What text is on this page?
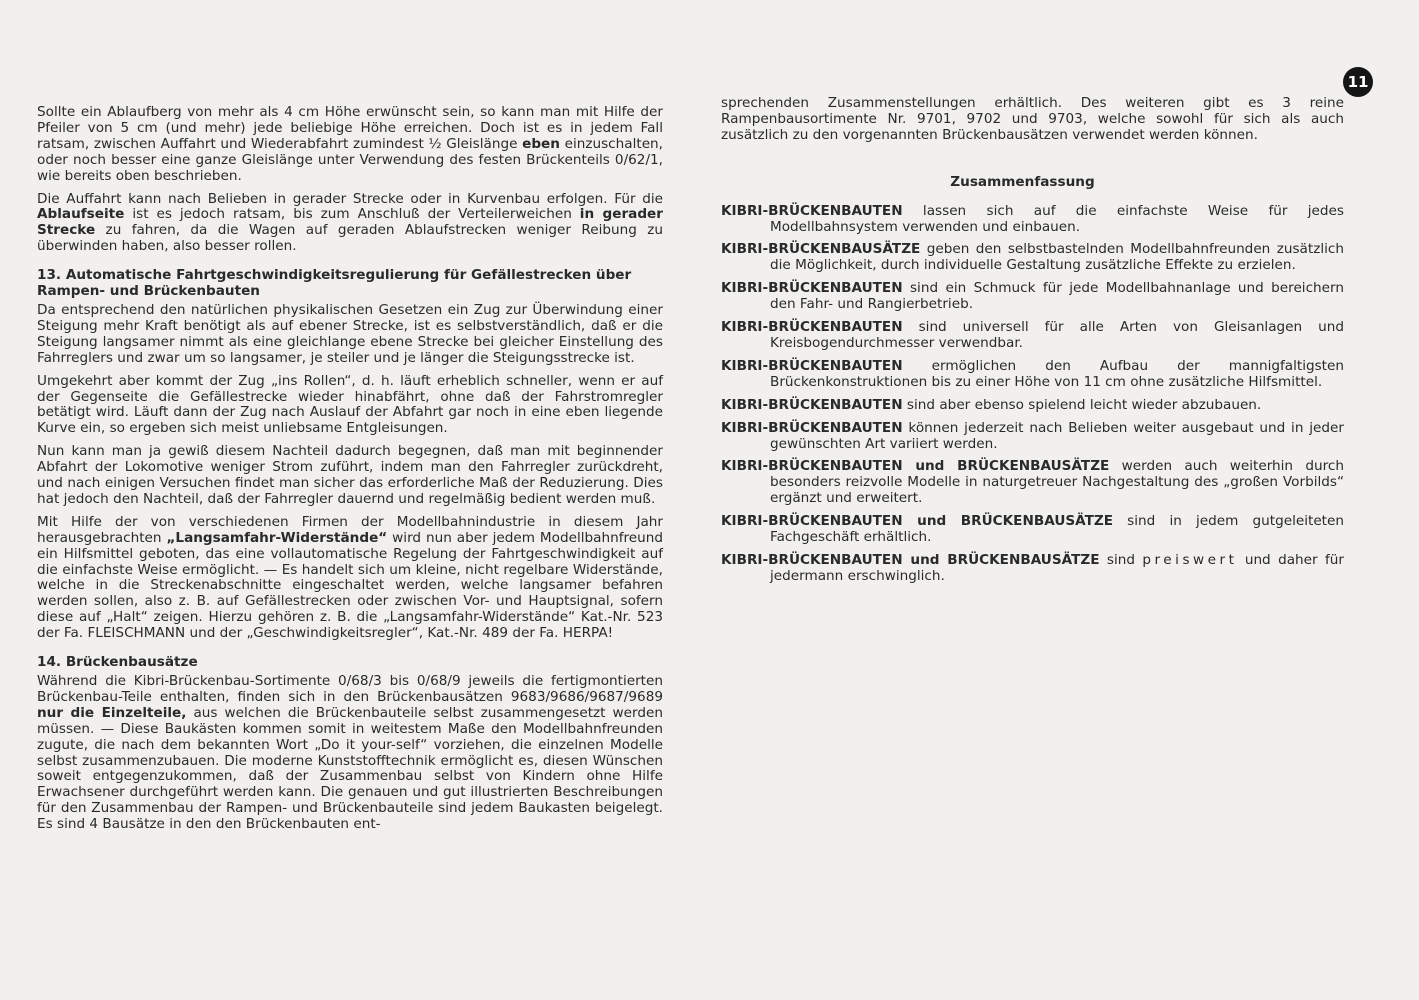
11

Sollte ein Ablaufberg von mehr als 4 cm Höhe erwünscht sein, so kann man mit Hilfe der Pfeiler von 5 cm (und mehr) jede beliebige Höhe erreichen. Doch ist es in jedem Fall ratsam, zwischen Auffahrt und Wiederabfahrt zumindest ½ Gleislänge eben einzuschalten, oder noch besser eine ganze Gleislänge unter Verwendung des festen Brückenteils 0/62/1, wie bereits oben beschrieben.

Die Auffahrt kann nach Belieben in gerader Strecke oder in Kurvenbau erfolgen. Für die Ablaufseite ist es jedoch ratsam, bis zum Anschluß der Verteilerweichen in gerader Strecke zu fahren, da die Wagen auf geraden Ablaufstrecken weniger Reibung zu überwinden haben, also besser rollen.

13. Automatische Fahrtgeschwindigkeitsregulierung für Gefällestrecken über Rampen- und Brückenbauten

Da entsprechend den natürlichen physikalischen Gesetzen ein Zug zur Überwindung einer Steigung mehr Kraft benötigt als auf ebener Strecke, ist es selbstverständlich, daß er die Steigung langsamer nimmt als eine gleichlange ebene Strecke bei gleicher Einstellung des Fahrreglers und zwar um so langsamer, je steiler und je länger die Steigungsstrecke ist.

Umgekehrt aber kommt der Zug „ins Rollen“, d. h. läuft erheblich schneller, wenn er auf der Gegenseite die Gefällestrecke wieder hinabfährt, ohne daß der Fahrstromregler betätigt wird. Läuft dann der Zug nach Auslauf der Abfahrt gar noch in eine eben liegende Kurve ein, so ergeben sich meist unliebsame Entgleisungen.

Nun kann man ja gewiß diesem Nachteil dadurch begegnen, daß man mit beginnender Abfahrt der Lokomotive weniger Strom zuführt, indem man den Fahrregler zurückdreht, und nach einigen Versuchen findet man sicher das erforderliche Maß der Reduzierung. Dies hat jedoch den Nachteil, daß der Fahrregler dauernd und regelmäßig bedient werden muß.

Mit Hilfe der von verschiedenen Firmen der Modellbahnindustrie in diesem Jahr herausgebrachten „Langsamfahr-Widerstände“ wird nun aber jedem Modellbahnfreund ein Hilfsmittel geboten, das eine vollautomatische Regelung der Fahrtgeschwindigkeit auf die einfachste Weise ermöglicht. — Es handelt sich um kleine, nicht regelbare Widerstände, welche in die Streckenabschnitte eingeschaltet werden, welche langsamer befahren werden sollen, also z. B. auf Gefällestrecken oder zwischen Vor- und Hauptsignal, sofern diese auf „Halt“ zeigen. Hierzu gehören z. B. die „Langsamfahr-Widerstände“ Kat.-Nr. 523 der Fa. FLEISCHMANN und der „Geschwindigkeitsregler“, Kat.-Nr. 489 der Fa. HERPA!

14. Brückenbausätze

Während die Kibri-Brückenbau-Sortimente 0/68/3 bis 0/68/9 jeweils die fertigmontierten Brückenbau-Teile enthalten, finden sich in den Brückenbausätzen 9683/9686/9687/9689 nur die Einzelteile, aus welchen die Brückenbauteile selbst zusammengesetzt werden müssen. — Diese Baukästen kommen somit in weitestem Maße den Modellbahnfreunden zugute, die nach dem bekannten Wort „Do it your-self“ vorziehen, die einzelnen Modelle selbst zusammenzubauen. Die moderne Kunststofftechnik ermöglicht es, diesen Wünschen soweit entgegenzukommen, daß der Zusammenbau selbst von Kindern ohne Hilfe Erwachsener durchgeführt werden kann. Die genauen und gut illustrierten Beschreibungen für den Zusammenbau der Rampen- und Brückenbauteile sind jedem Baukasten beigelegt. Es sind 4 Bausätze in den den Brückenbauten ent-

sprechenden Zusammenstellungen erhältlich. Des weiteren gibt es 3 reine Rampenbausortimente Nr. 9701, 9702 und 9703, welche sowohl für sich als auch zusätzlich zu den vorgenannten Brückenbausätzen verwendet werden können.

Zusammenfassung

KIBRI-BRÜCKENBAUTEN lassen sich auf die einfachste Weise für jedes Modellbahnsystem verwenden und einbauen.

KIBRI-BRÜCKENBAUSÄTZE geben den selbstbastelnden Modellbahnfreunden zusätzlich die Möglichkeit, durch individuelle Gestaltung zusätzliche Effekte zu erzielen.

KIBRI-BRÜCKENBAUTEN sind ein Schmuck für jede Modellbahnanlage und bereichern den Fahr- und Rangierbetrieb.

KIBRI-BRÜCKENBAUTEN sind universell für alle Arten von Gleisanlagen und Kreisbogendurchmesser verwendbar.

KIBRI-BRÜCKENBAUTEN ermöglichen den Aufbau der mannigfaltigsten Brückenkonstruktionen bis zu einer Höhe von 11 cm ohne zusätzliche Hilfsmittel.

KIBRI-BRÜCKENBAUTEN sind aber ebenso spielend leicht wieder abzubauen.

KIBRI-BRÜCKENBAUTEN können jederzeit nach Belieben weiter ausgebaut und in jeder gewünschten Art variiert werden.

KIBRI-BRÜCKENBAUTEN und BRÜCKENBAUSÄTZE werden auch weiterhin durch besonders reizvolle Modelle in naturgetreuer Nachgestaltung des „großen Vorbilds“ ergänzt und erweitert.

KIBRI-BRÜCKENBAUTEN und BRÜCKENBAUSÄTZE sind in jedem gutgeleiteten Fachgeschäft erhältlich.

KIBRI-BRÜCKENBAUTEN und BRÜCKENBAUSÄTZE sind preiswert und daher für jedermann erschwinglich.
